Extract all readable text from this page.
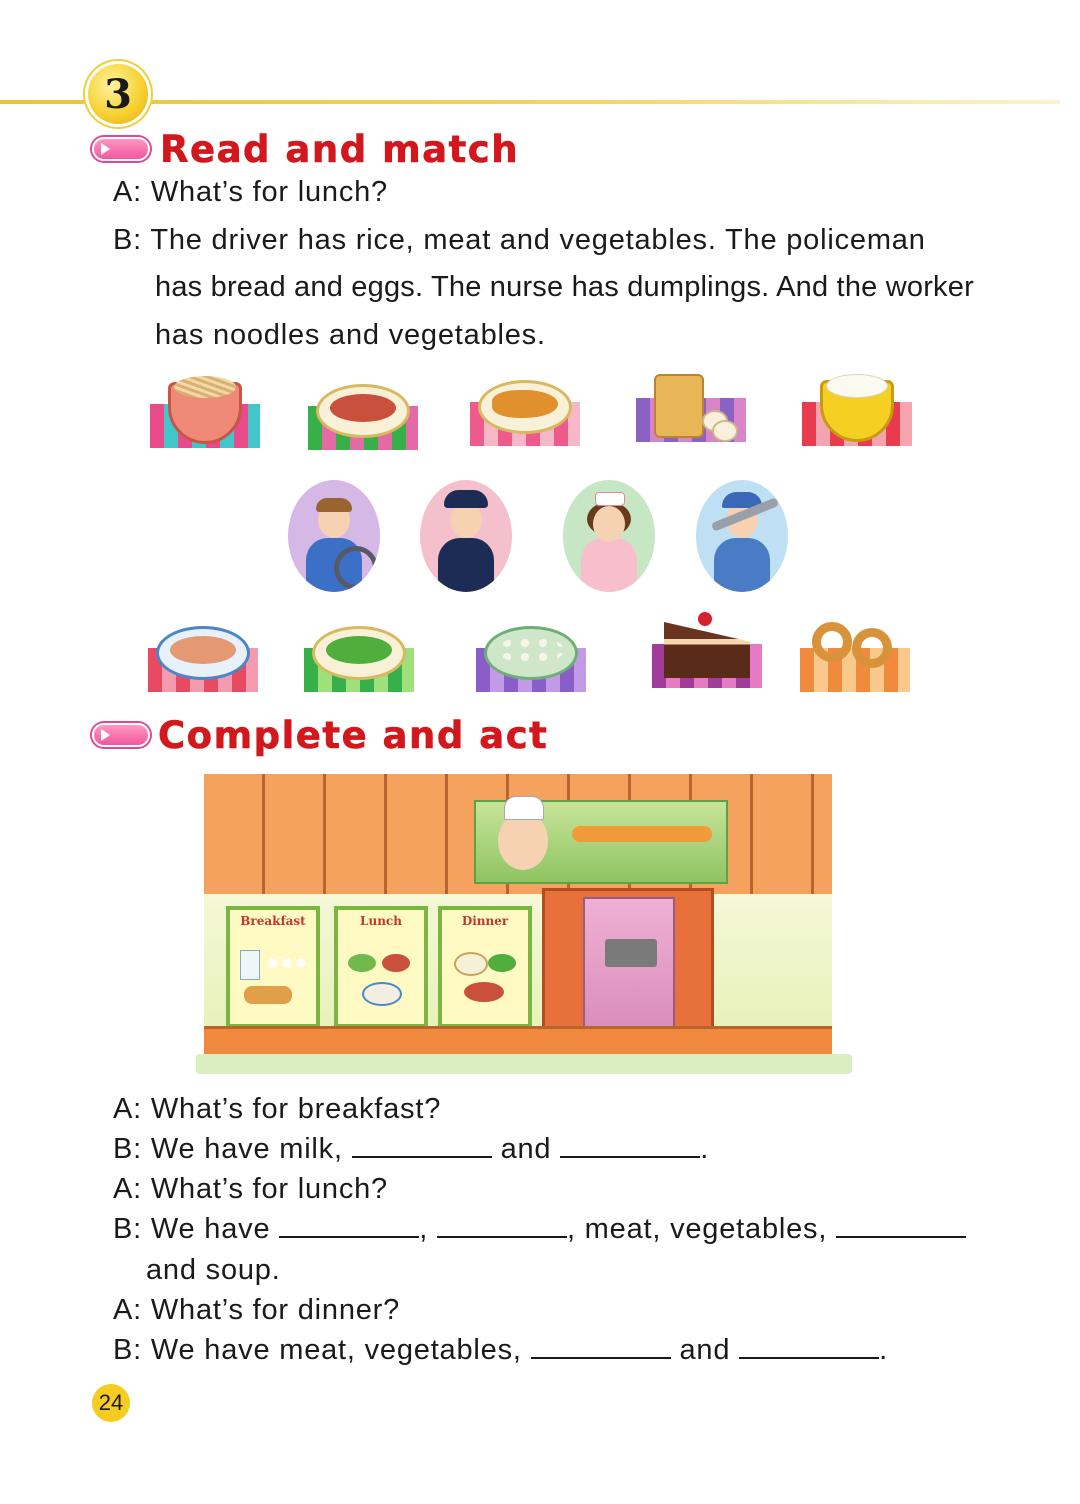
3
Read and match
A: What’s for lunch?
B: The driver has rice, meat and vegetables. The policeman
has bread and eggs. The nurse has dumplings. And the worker
has noodles and vegetables.
Complete and act
Breakfast	Lunch	Dinner
A: What’s for breakfast?
B: We have milk,	and	.
A: What’s for lunch?
B: We have	,	, meat, vegetables,
and soup.
A: What’s for dinner?
B: We have meat, vegetables,	and	.
24
